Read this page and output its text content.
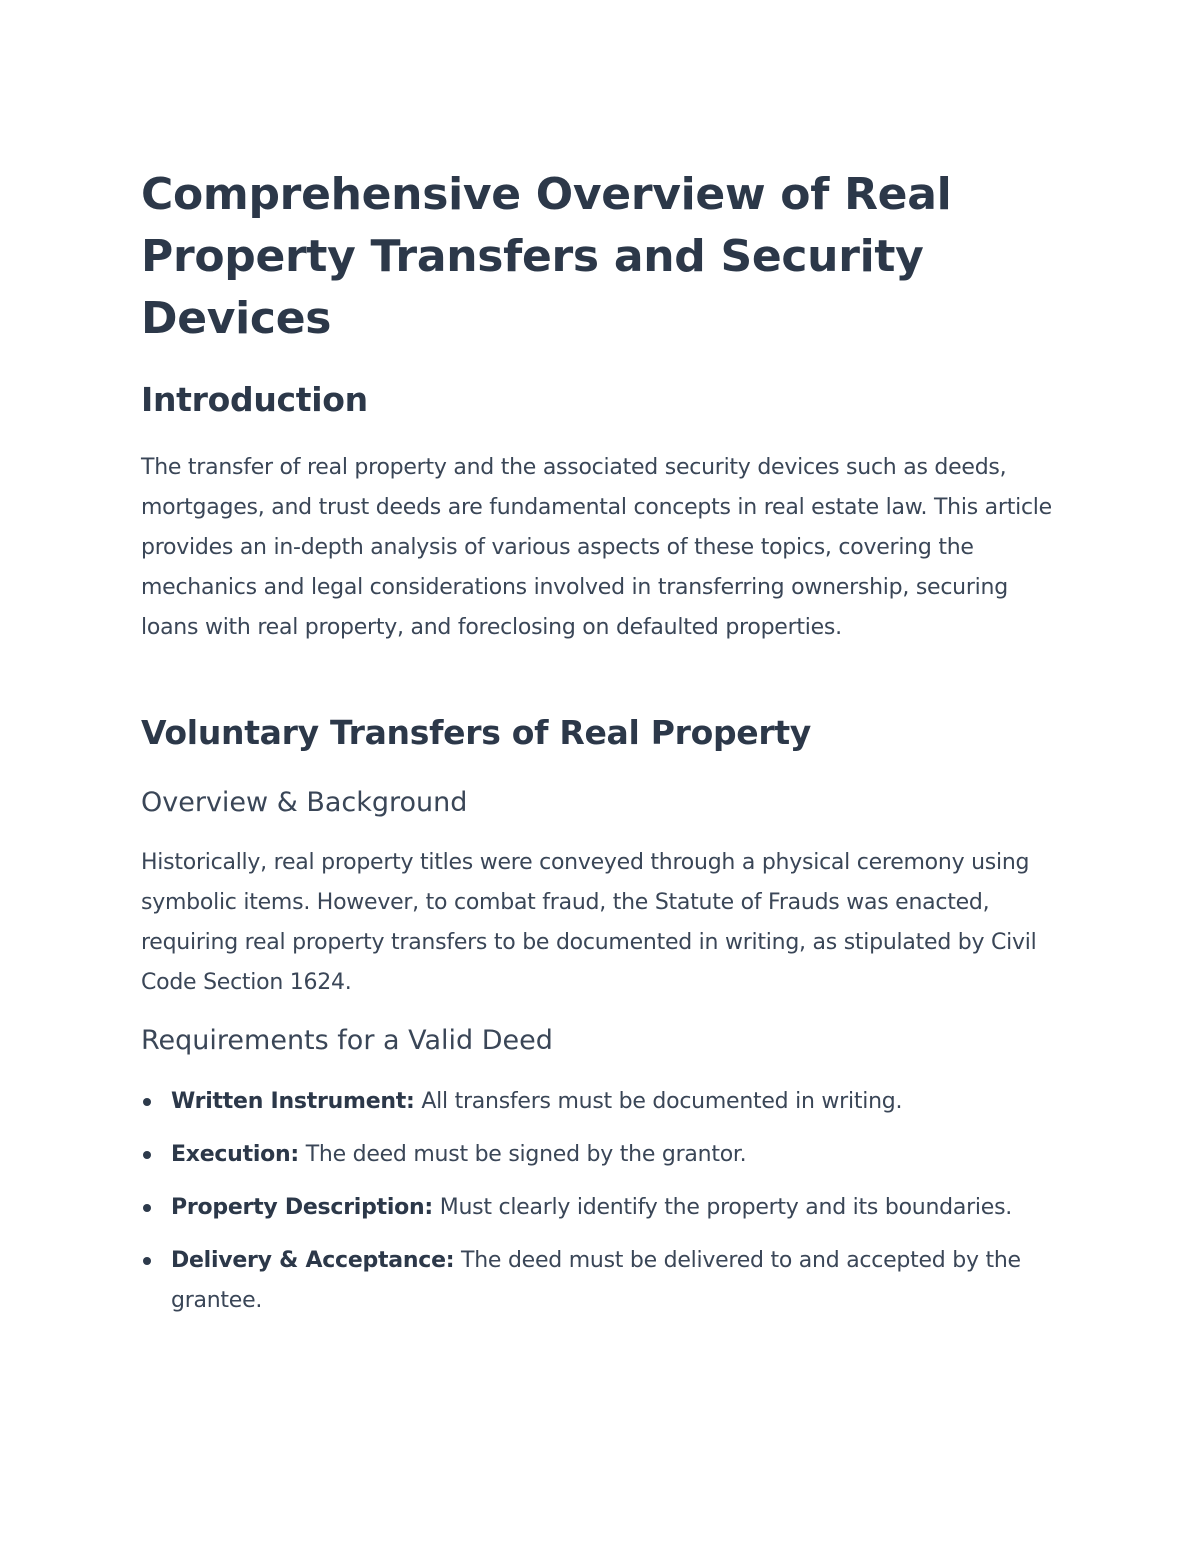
Comprehensive Overview of Real Property Transfers and Security Devices
Introduction

The transfer of real property and the associated security devices such as deeds, mortgages, and trust deeds are fundamental concepts in real estate law. This article provides an in-depth analysis of various aspects of these topics, covering the mechanics and legal considerations involved in transferring ownership, securing loans with real property, and foreclosing on defaulted properties.

Voluntary Transfers of Real Property
Overview & Background

Historically, real property titles were conveyed through a physical ceremony using symbolic items. However, to combat fraud, the Statute of Frauds was enacted, requiring real property transfers to be documented in writing, as stipulated by Civil Code Section 1624.

Requirements for a Valid Deed
Written Instrument: All transfers must be documented in writing.
Execution: The deed must be signed by the grantor.
Property Description: Must clearly identify the property and its boundaries.
Delivery & Acceptance: The deed must be delivered to and accepted by the grantee.
